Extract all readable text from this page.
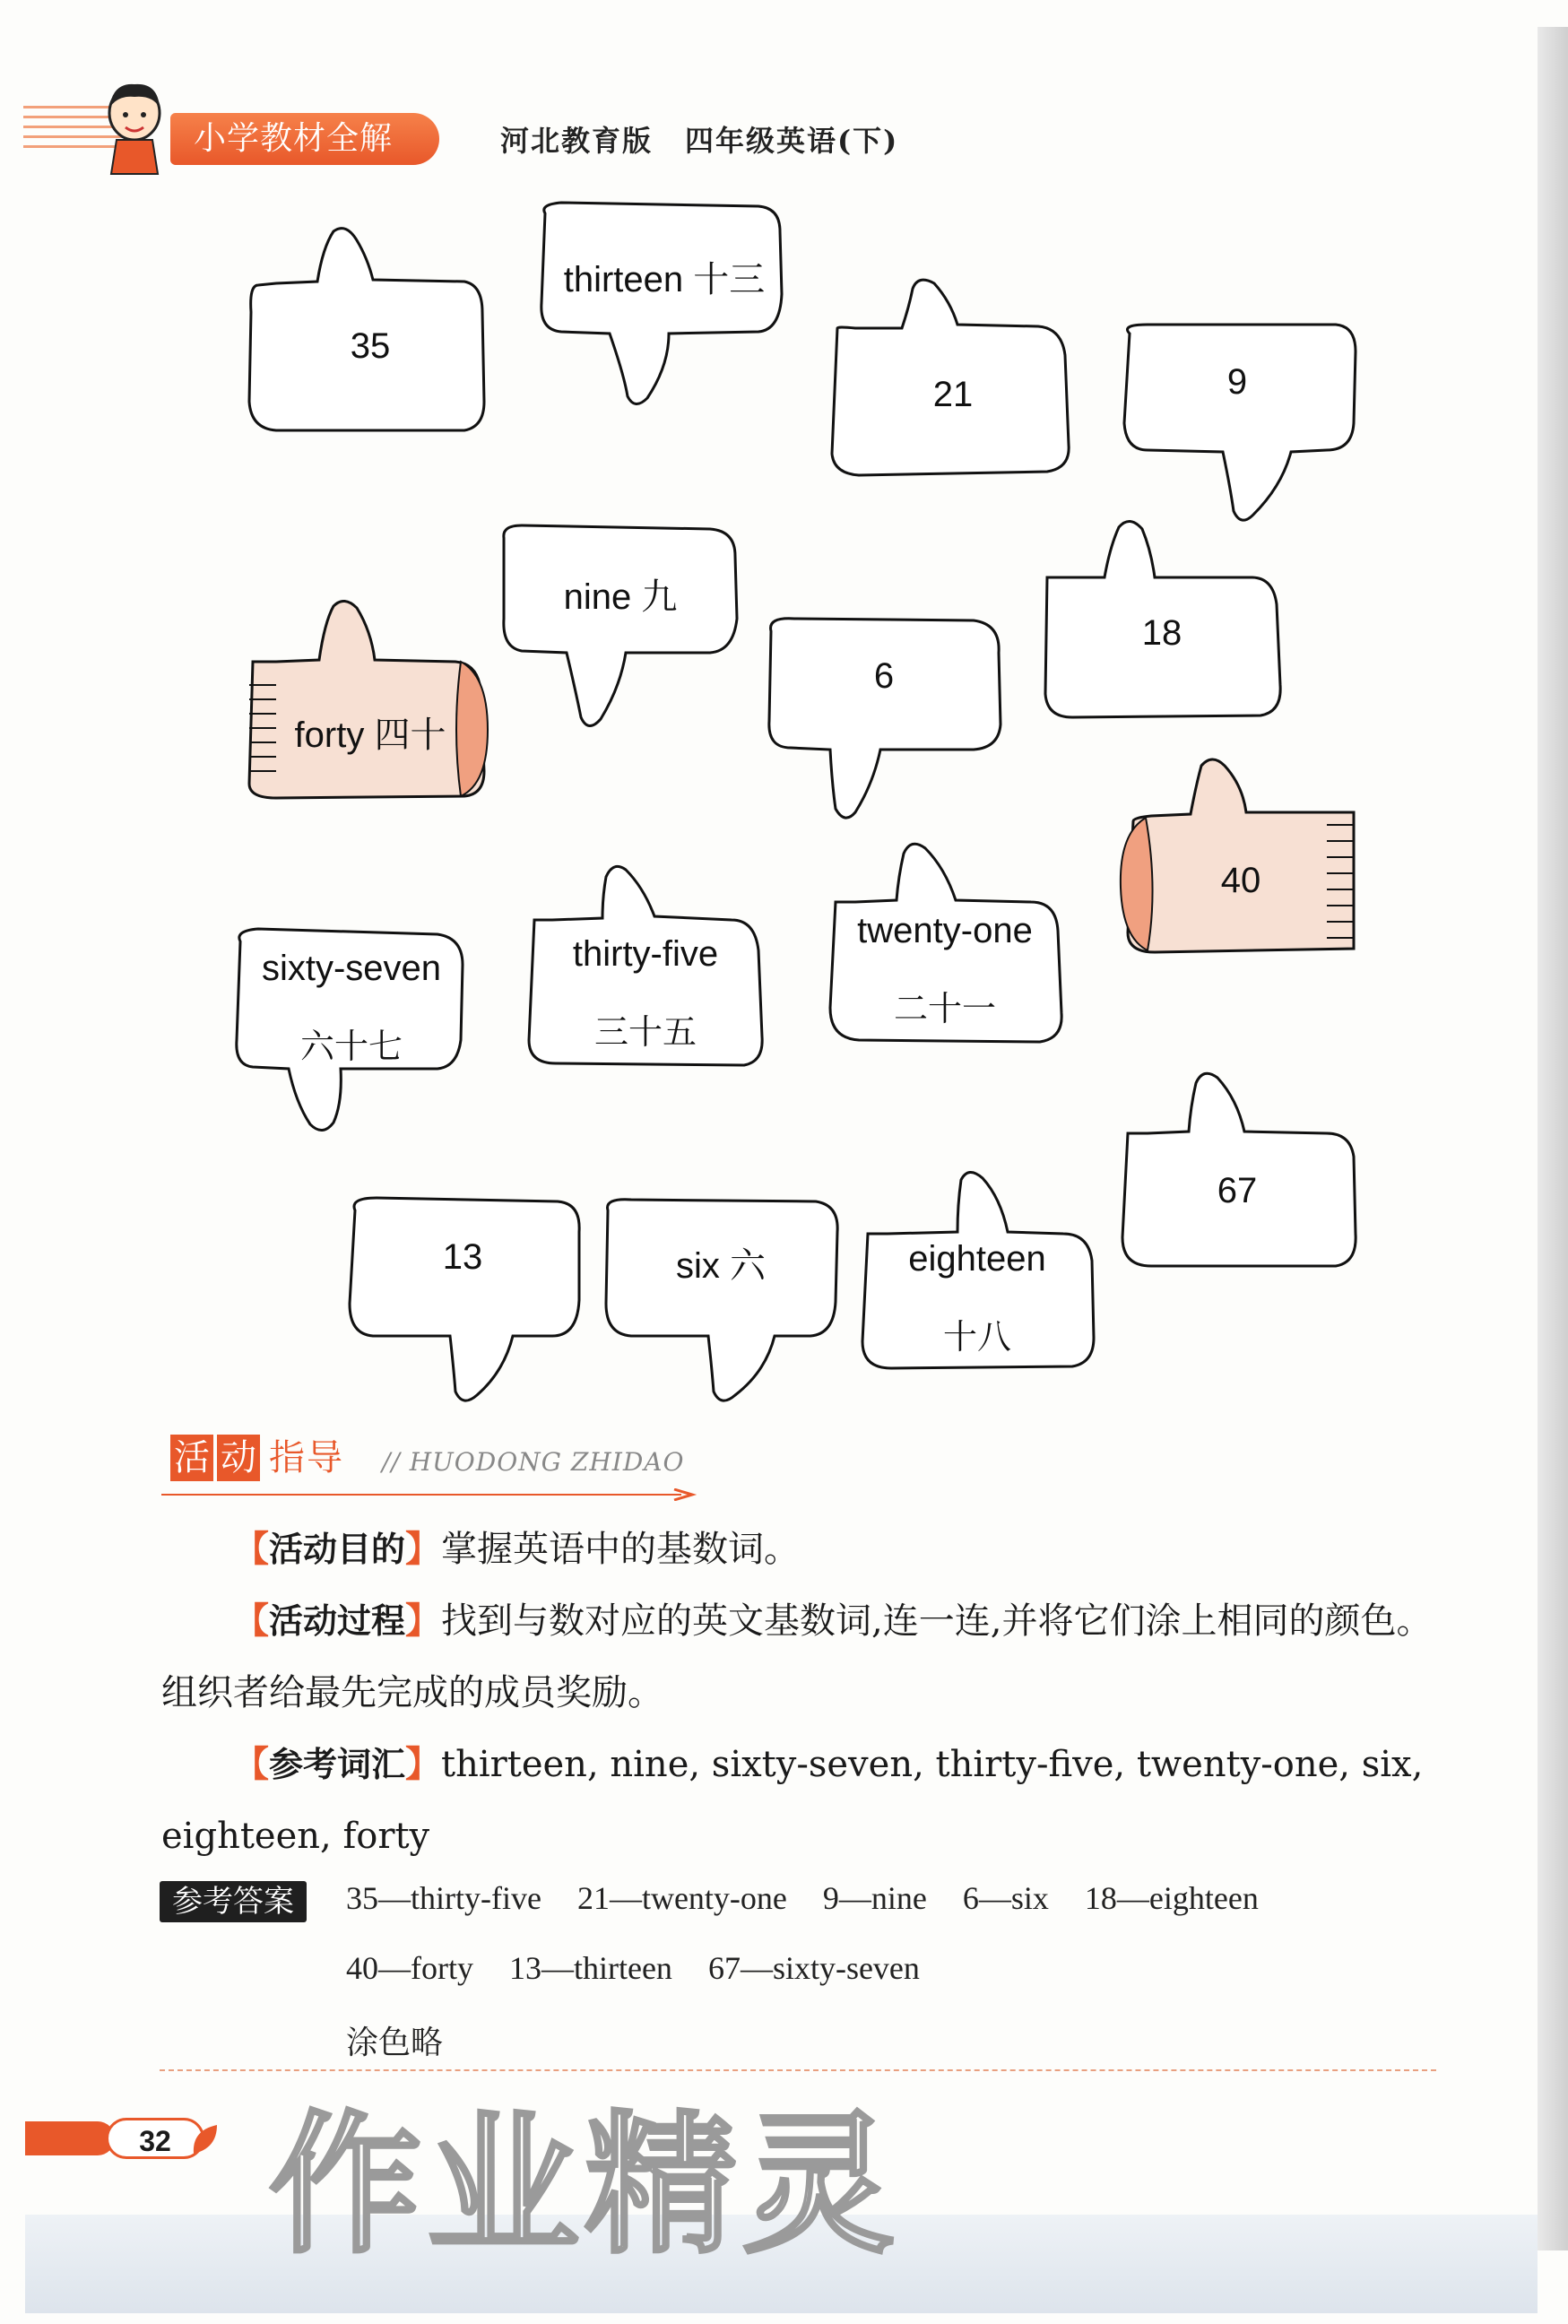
小学教材全解	河北教育版 四年级英语(下)
35
thirteen 十三
21	9
nine 九
forty 四十
6
18
40
sixty-seven
六十七
thirty-five
三十五
twenty-one
二十一
67
13	six 六	eighteen
十八
活 动 指 导 // HUODONG ZHIDAO
【活动目的】掌握英语中的基数词。
【活动过程】找到与数对应的英文基数词,连一连,并将它们涂上相同的颜色。组织者给最先完成的成员奖励。
【参考词汇】thirteen, nine, sixty-seven, thirty-five, twenty-one, six, eighteen, forty
参考答案	35—thirty-five 21—twenty-one 9—nine 6—six 18—eighteen
40—forty 13—thirteen 67—sixty-seven
涂色略
32 作业精灵
